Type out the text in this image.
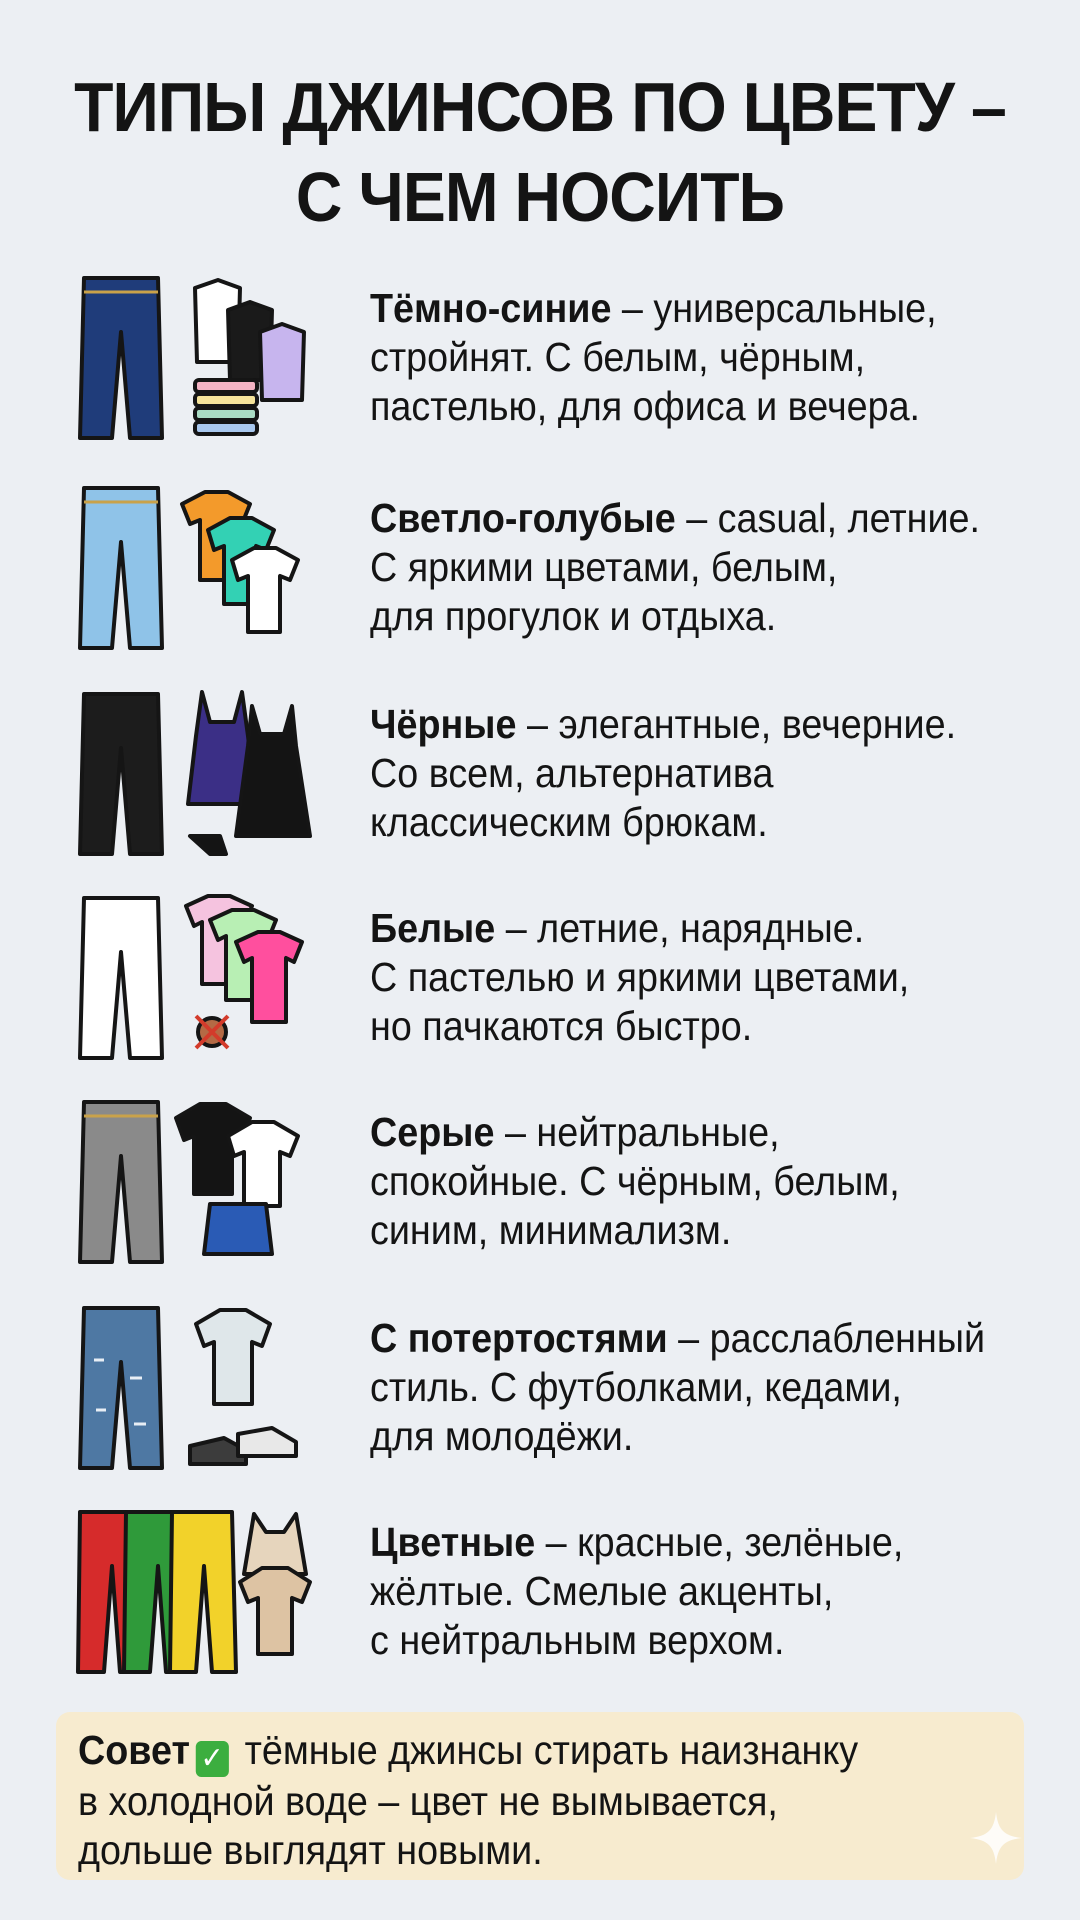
ТИПЫ ДЖИНСОВ ПО ЦВЕТУ –
С ЧЕМ НОСИТЬ
Тёмно-синие – универсальные,
стройнят. С белым, чёрным,
пастелью, для офиса и вечера.
Светло-голубые – casual, летние.
С яркими цветами, белым,
для прогулок и отдыха.
Чёрные – элегантные, вечерние.
Со всем, альтернатива
классическим брюкам.
Белые – летние, нарядные.
С пастелью и яркими цветами,
но пачкаются быстро.
Серые – нейтральные,
спокойные. С чёрным, белым,
синим, минимализм.
С потертостями – расслабленный
стиль. С футболками, кедами,
для молодёжи.
Цветные – красные, зелёные,
жёлтые. Смелые акценты,
с нейтральным верхом.
Совет ✓ тёмные джинсы стирать наизнанку
в холодной воде – цвет не вымывается,
дольше выглядят новыми.
